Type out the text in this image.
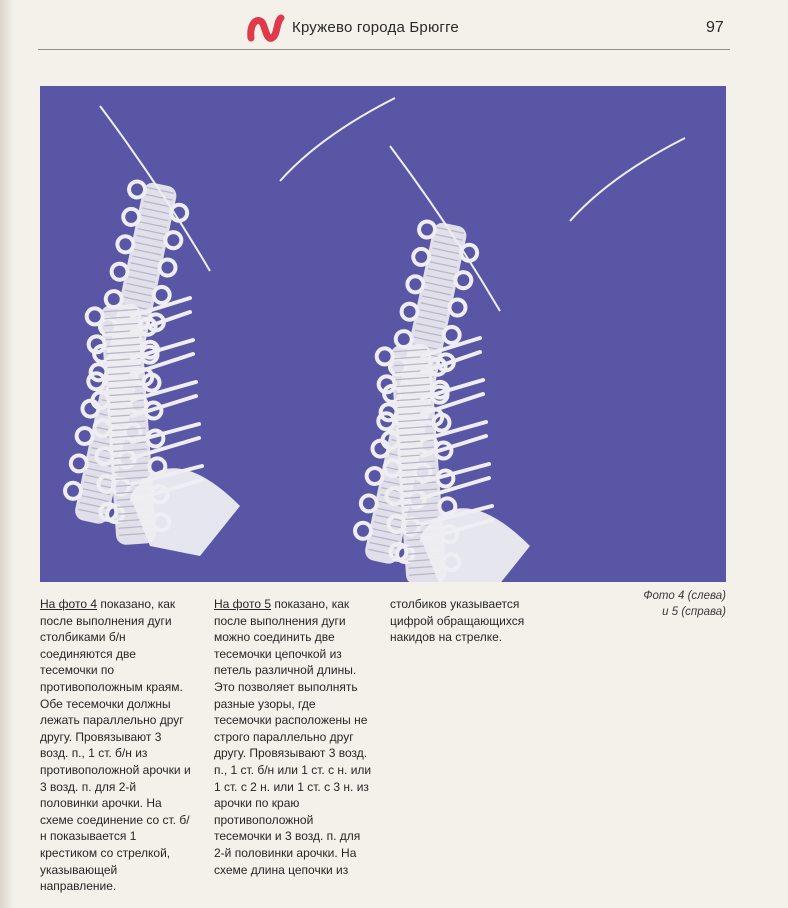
Кружево города Брюгге	97
На фото 4 показано, как после выполнения дуги столбиками б/н соединяются две тесемочки по противоположным краям. Обе тесемочки должны лежать параллельно друг другу. Провязывают 3 возд. п., 1 ст. б/н из противоположной арочки и 3 возд. п. для 2-й половинки арочки. На схеме соединение со ст. б/н показывается 1 крестиком со стрелкой, указывающей направление.
На фото 5 показано, как после выполнения дуги можно соединить две тесемочки цепочкой из петель различной длины. Это позволяет выполнять разные узоры, где тесемочки расположены не строго параллельно друг другу. Провязывают 3 возд. п., 1 ст. б/н или 1 ст. с н. или 1 ст. с 2 н. или 1 ст. с 3 н. из арочки по краю противоположной тесемочки и 3 возд. п. для 2-й половинки арочки. На схеме длина цепочки из
столбиков указывается цифрой обращающихся накидов на стрелке.
Фото 4 (слева)
и 5 (справа)
